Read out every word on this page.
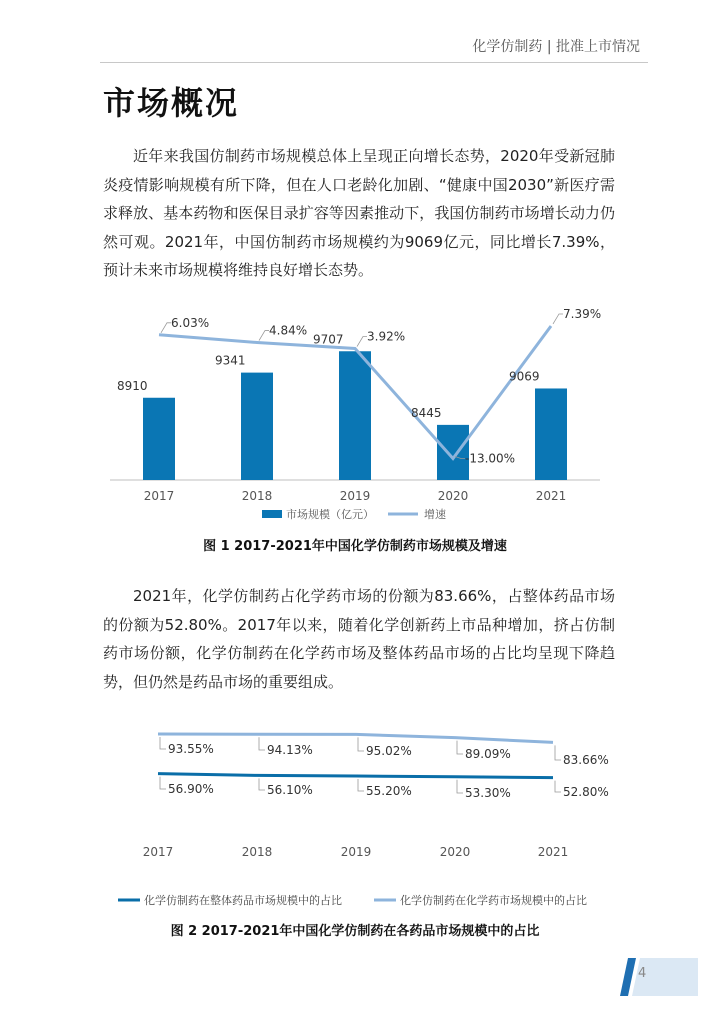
化学仿制药 | 批准上市情况
市场概况

近年来我国仿制药市场规模总体上呈现正向增长态势，2020年受新冠肺炎疫情影响规模有所下降，但在人口老龄化加剧、“健康中国2030”新医疗需求释放、基本药物和医保目录扩容等因素推动下，我国仿制药市场增长动力仍然可观。2021年，中国仿制药市场规模约为9069亿元，同比增长7.39%，预计未来市场规模将维持良好增长态势。

8910
9341
9707
8445
9069
6.03%
4.84%	3.92%
-13.00%
7.39%
2017	2018	2019	2020	2021
市场规模（亿元）	增速
图 1 2017-2021年中国化学仿制药市场规模及增速

2021年，化学仿制药占化学药市场的份额为83.66%，占整体药品市场的份额为52.80%。2017年以来，随着化学创新药上市品种增加，挤占仿制药市场份额，化学仿制药在化学药市场及整体药品市场的占比均呈现下降趋势，但仍然是药品市场的重要组成。

93.55%	94.13%	95.02%	89.09%	83.66%
56.90%	56.10%	55.20%	53.30%	52.80%
2017	2018	2019	2020	2021
化学仿制药在整体药品市场规模中的占比	化学仿制药在化学药市场规模中的占比
图 2 2017-2021年中国化学仿制药在各药品市场规模中的占比
4
